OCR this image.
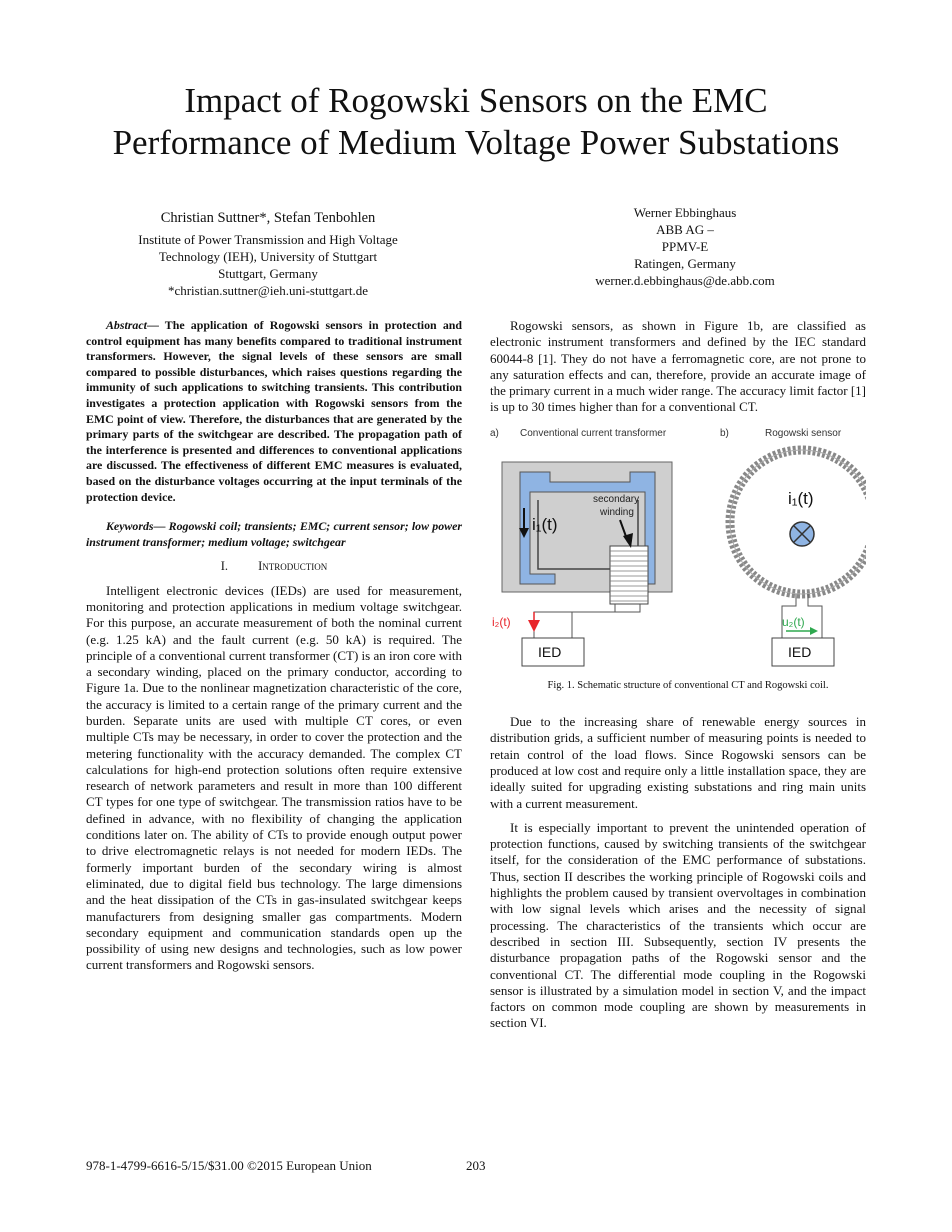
Impact of Rogowski Sensors on the EMC
Performance of Medium Voltage Power Substations
Christian Suttner*, Stefan Tenbohlen
Institute of Power Transmission and High Voltage
Technology (IEH), University of Stuttgart
Stuttgart, Germany
*christian.suttner@ieh.uni-stuttgart.de
Werner Ebbinghaus
ABB AG –
PPMV-E
Ratingen, Germany
werner.d.ebbinghaus@de.abb.com

Abstract— The application of Rogowski sensors in protection and control equipment has many benefits compared to traditional instrument transformers. However, the signal levels of these sensors are small compared to possible disturbances, which raises questions regarding the immunity of such applications to switching transients. This contribution investigates a protection application with Rogowski sensors from the EMC point of view. Therefore, the disturbances that are generated by the primary parts of the switchgear are described. The propagation path of the interference is presented and differences to conventional applications are discussed. The effectiveness of different EMC measures is evaluated, based on the disturbance voltages occurring at the input terminals of the protection device.

Keywords— Rogowski coil; transients; EMC; current sensor; low power instrument transformer; medium voltage; switchgear

I. Introduction

Intelligent electronic devices (IEDs) are used for measurement, monitoring and protection applications in medium voltage switchgear. For this purpose, an accurate measurement of both the nominal current (e.g. 1.25 kA) and the fault current (e.g. 50 kA) is required. The principle of a conventional current transformer (CT) is an iron core with a secondary winding, placed on the primary conductor, according to Figure 1a. Due to the nonlinear magnetization characteristic of the core, the accuracy is limited to a certain range of the primary current and the burden. Separate units are used with multiple CT cores, or even multiple CTs may be necessary, in order to cover the protection and the metering functionality with the accuracy demanded. The complex CT calculations for high-end protection solutions often require extensive research of network parameters and result in more than 100 different CT types for one type of switchgear. The transmission ratios have to be defined in advance, with no flexibility of changing the application conditions later on. The ability of CTs to provide enough output power to drive electromagnetic relays is not needed for modern IEDs. The formerly important burden of the secondary wiring is almost eliminated, due to digital field bus technology. The large dimensions and the heat dissipation of the CTs in gas-insulated switchgear keeps manufacturers from designing smaller gas compartments. Modern secondary equipment and communication standards open up the possibility of using new designs and technologies, such as low power current transformers and Rogowski sensors.

Rogowski sensors, as shown in Figure 1b, are classified as electronic instrument transformers and defined by the IEC standard 60044-8 [1]. They do not have a ferromagnetic core, are not prone to any saturation effects and can, therefore, provide an accurate image of the primary current in a much wider range. The accuracy limit factor [1] is up to 30 times higher than for a conventional CT.

a) Conventional current transformer	b)	Rogowski sensor
secondary
winding
i₁(t)
i₂(t)
IED
i₁(t)
u₂(t)
IED

Fig. 1. Schematic structure of conventional CT and Rogowski coil.

Due to the increasing share of renewable energy sources in distribution grids, a sufficient number of measuring points is needed to retain control of the load flows. Since Rogowski sensors can be produced at low cost and require only a little installation space, they are ideally suited for upgrading existing substations and ring main units with a current measurement.

It is especially important to prevent the unintended operation of protection functions, caused by switching transients of the switchgear itself, for the consideration of the EMC performance of substations. Thus, section II describes the working principle of Rogowski coils and highlights the problem caused by transient overvoltages in combination with low signal levels which arises and the necessity of signal processing. The characteristics of the transients which occur are described in section III. Subsequently, section IV presents the disturbance propagation paths of the Rogowski sensor and the conventional CT. The differential mode coupling in the Rogowski sensor is illustrated by a simulation model in section V, and the impact factors on common mode coupling are shown by measurements in section VI.

978-1-4799-6616-5/15/$31.00 ©2015 European Union	203
